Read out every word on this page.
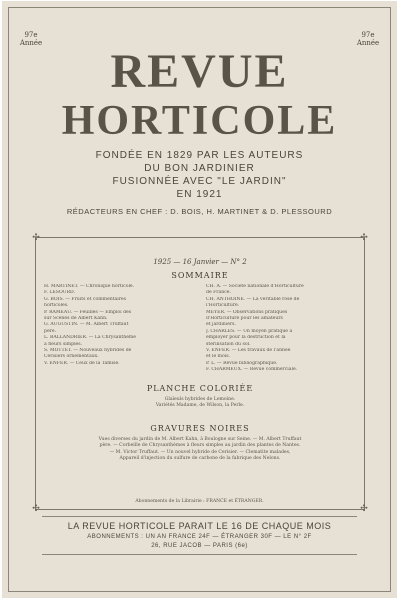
97e
Année
97e
Année
REVUE
HORTICOLE
FONDÉE EN 1829 PAR LES AUTEURS
DU BON JARDINIER
FUSIONNÉE AVEC "LE JARDIN"
EN 1921
RÉDACTEURS EN CHEF : D. BOIS, H. MARTINET & D. PLESSOURD
✣	✣
✣	✣
1925 — 16 Janvier — N° 2
SOMMAIRE
H. MARTINET. — Chronique horticole.
F. LESOURD.
G. BOIS. — Fruits et commentaires
horticoles.
P. RAMEAU. — Feuilles — Emploi des
sur Scènes de Albert Kahn.
G. AUGUSTIN. — M. Albert Truffaut
père.
L. BALLANDRIER. — La Chrysanthème
à fleurs simples.
S. MOTTET. — Nouveaux hybrides de
Cerisiers ornementaux.
V. ENFER. — Ceux de la Tamise.
CH. A. — Société nationale d'Horticulture
de France.
CH. ANTHOINE. — La véritable rose de
l'Horticulture.
MEYER. — Observations pratiques
d'Horticulture pour les amateurs
et jardiniers.
J. CHARLES. — Un moyen pratique à
employer pour la destruction et la
stérilisation du sol.
V. ENFER. — Les travaux de l'année
et le mois.
P. L. — Revue bibliographique.
F. CHARMEUX. — Revue commerciale.
PLANCHE COLORIÉE
Glaïeuls hybrides de Lemoine.
Variétés Madame, de Wilson, la Perle.
GRAVURES NOIRES
Vues diverses du jardin de M. Albert Kahn, à Boulogne sur Seine. — M. Albert Truffaut
père. — Corbeille de Chrysanthèmes à fleurs simples au jardin des plantes de Nantes.
— M. Victor Truffaut. — Un nouvel hybride de Cerisier. — Clematite malades,
Appareil d'injection du sulfure de carbone de la fabrique des Nelons.
Abonnements de la Librairie : FRANCE et ÉTRANGER.
LA REVUE HORTICOLE PARAIT LE 16 DE CHAQUE MOIS
ABONNEMENTS : UN AN FRANCE 24F — ÉTRANGER 30F — LE N° 2F
26, RUE JACOB — PARIS (6e)
